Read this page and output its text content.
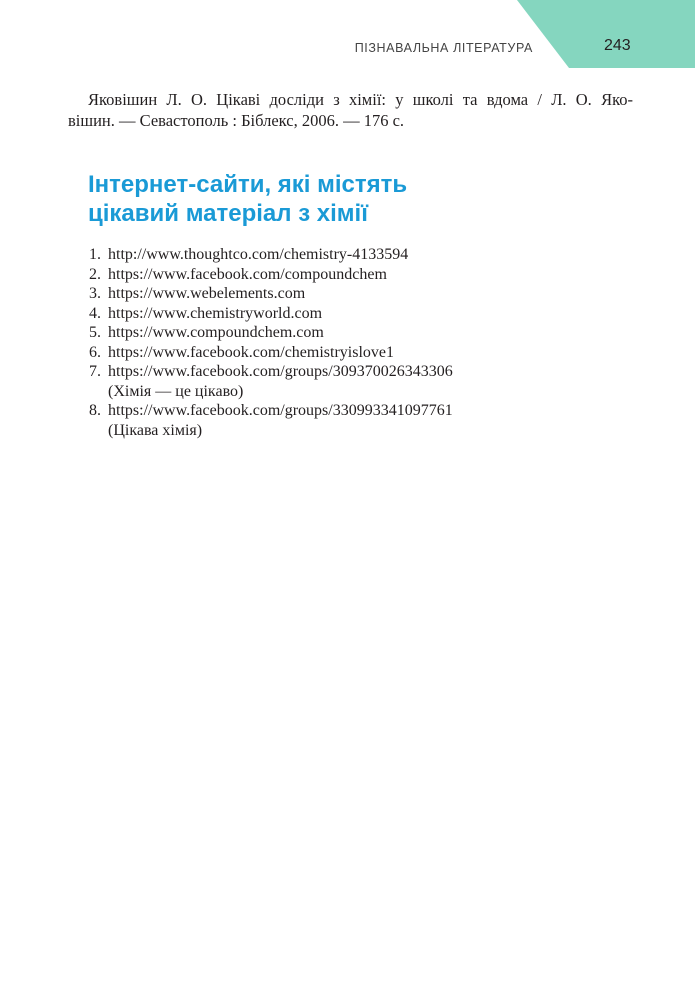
ПІЗНАВАЛЬНА ЛІТЕРАТУРА	243
Яковішин Л. О. Цікаві досліди з хімії: у школі та вдома / Л. О. Яко-
вішин. — Севастополь : Біблекс, 2006. — 176 с.
Інтернет-сайти, які містять
цікавий матеріал з хімії
1. http://www.thoughtco.com/chemistry-4133594
2. https://www.facebook.com/compoundchem
3. https://www.webelements.com
4. https://www.chemistryworld.com
5. https://www.compoundchem.com
6. https://www.facebook.com/chemistryislove1
7. https://www.facebook.com/groups/309370026343306
(Хімія — це цікаво)
8. https://www.facebook.com/groups/330993341097761
(Цікава хімія)
